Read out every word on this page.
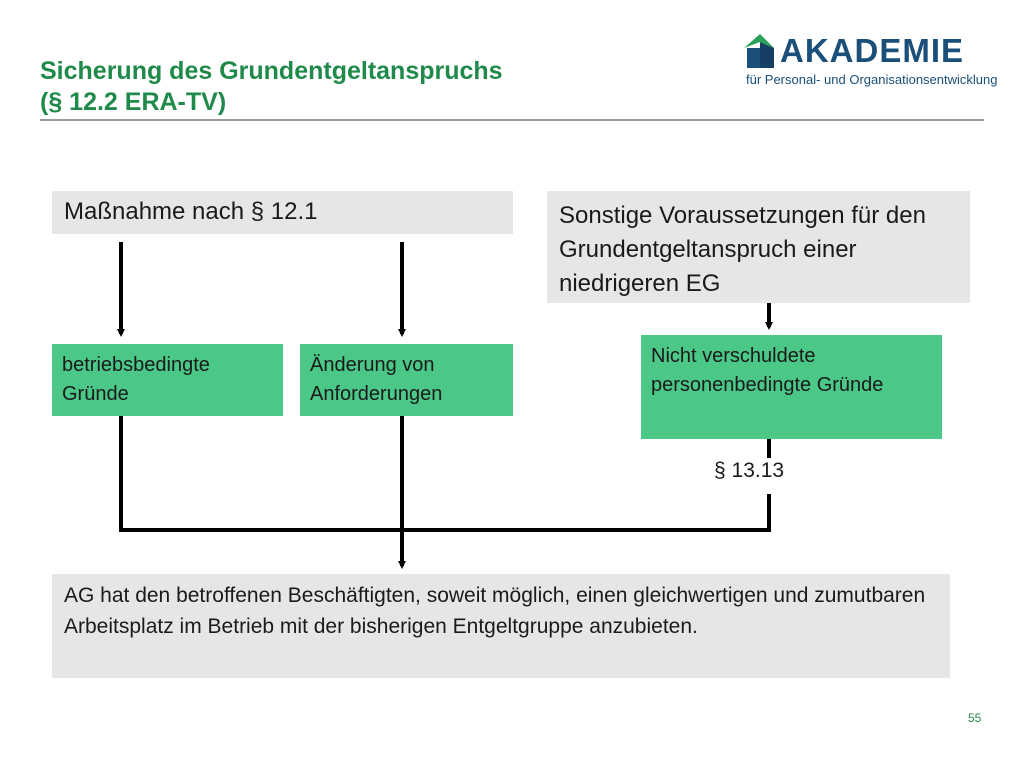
Sicherung des Grundentgeltanspruchs
(§ 12.2 ERA-TV)
AKADEMIE
für Personal- und Organisationsentwicklung
Maßnahme nach § 12.1	Sonstige Voraussetzungen für den Grundentgeltanspruch einer niedrigeren EG
betriebsbedingte Gründe
Änderung von Anforderungen
Nicht verschuldete personenbedingte Gründe
§ 13.13
AG hat den betroffenen Beschäftigten, soweit möglich, einen gleichwertigen und zumutbaren Arbeitsplatz im Betrieb mit der bisherigen Entgeltgruppe anzubieten.
55
